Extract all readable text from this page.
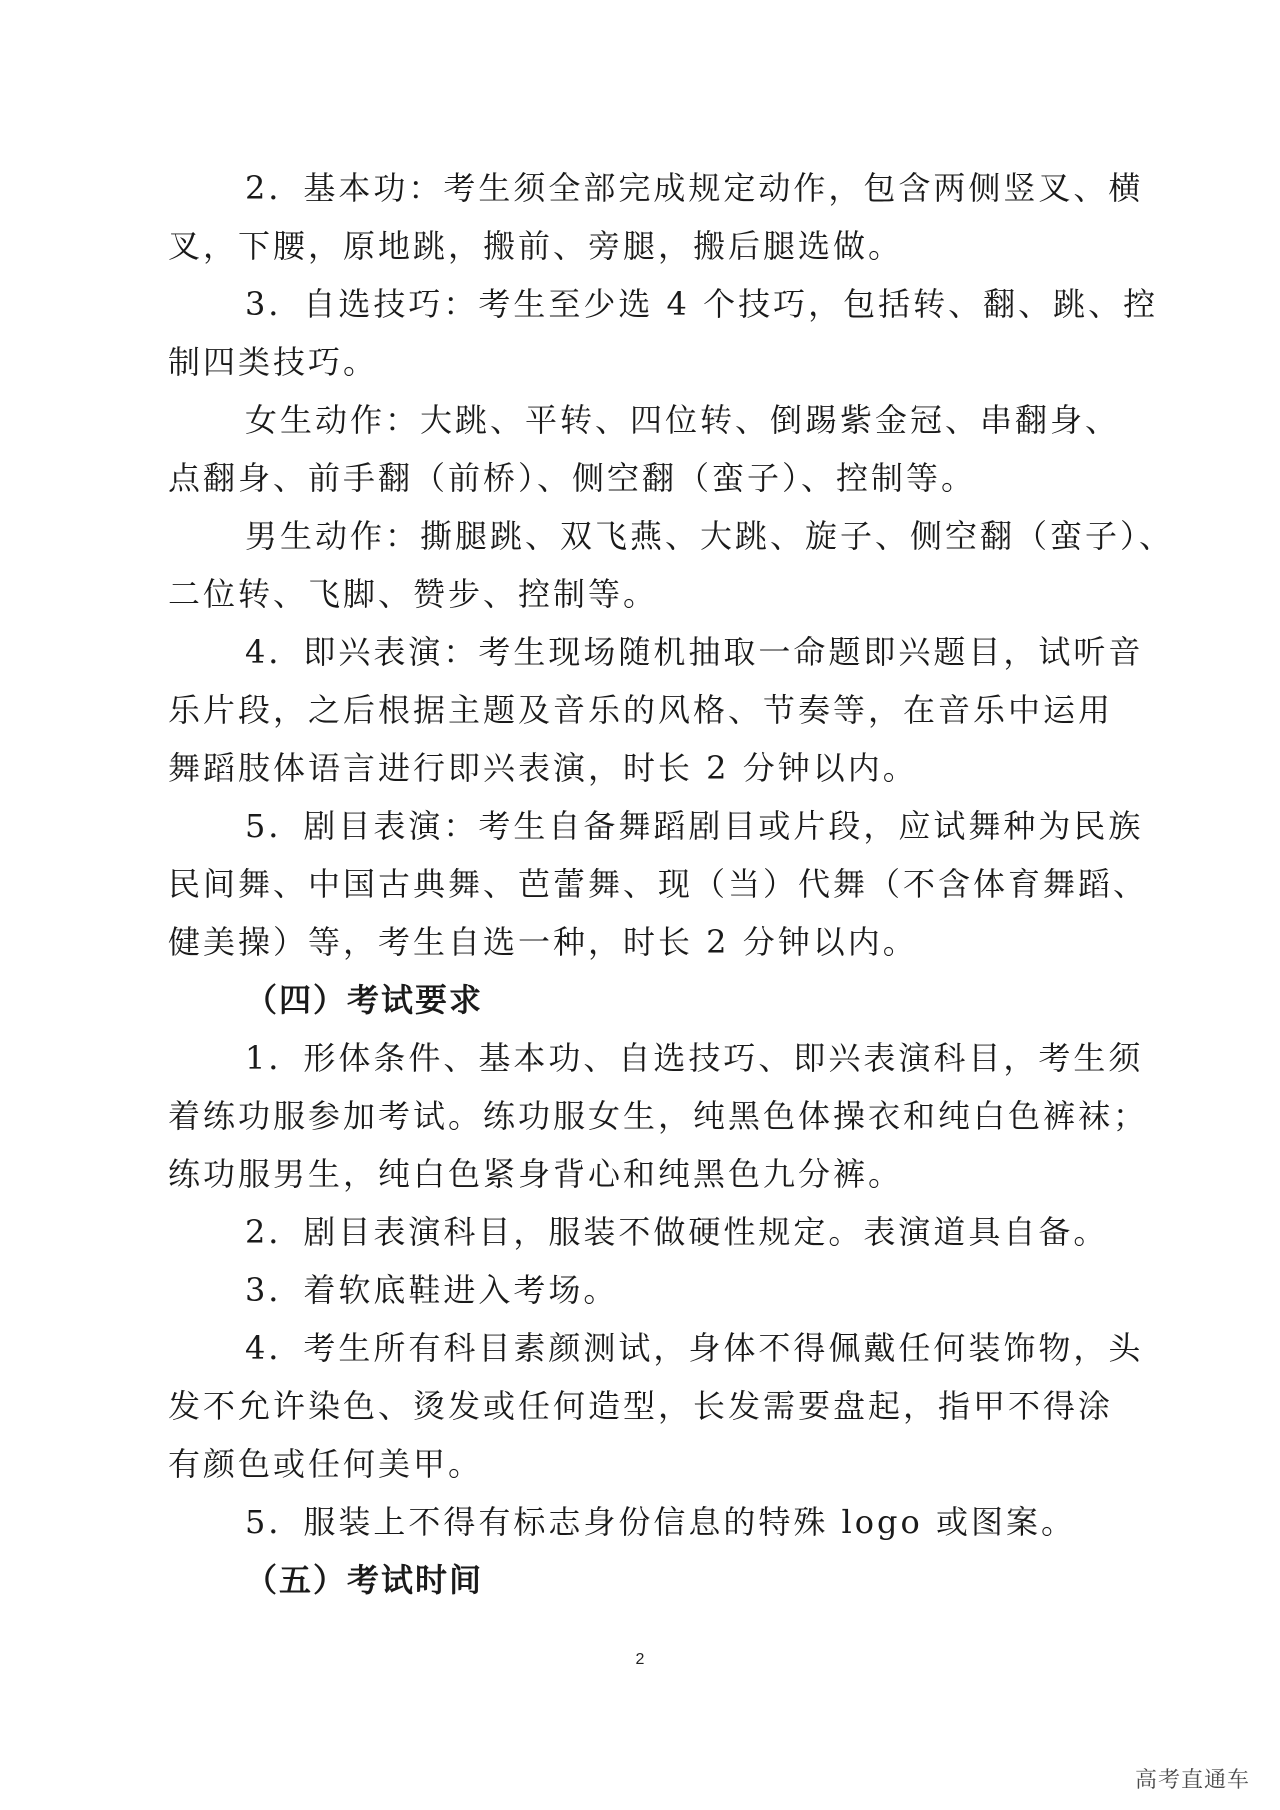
2．基本功：考生须全部完成规定动作，包含两侧竖叉、横
叉，下腰，原地跳，搬前、旁腿，搬后腿选做。
3．自选技巧：考生至少选 4 个技巧，包括转、翻、跳、控
制四类技巧。
女生动作：大跳、平转、四位转、倒踢紫金冠、串翻身、
点翻身、前手翻（前桥）、侧空翻（蛮子）、控制等。
男生动作：撕腿跳、双飞燕、大跳、旋子、侧空翻（蛮子）、
二位转、飞脚、赞步、控制等。
4．即兴表演：考生现场随机抽取一命题即兴题目，试听音
乐片段，之后根据主题及音乐的风格、节奏等，在音乐中运用
舞蹈肢体语言进行即兴表演，时长 2 分钟以内。
5．剧目表演：考生自备舞蹈剧目或片段，应试舞种为民族
民间舞、中国古典舞、芭蕾舞、现（当）代舞（不含体育舞蹈、
健美操）等，考生自选一种，时长 2 分钟以内。
（四）考试要求
1．形体条件、基本功、自选技巧、即兴表演科目，考生须
着练功服参加考试。练功服女生，纯黑色体操衣和纯白色裤袜；
练功服男生，纯白色紧身背心和纯黑色九分裤。
2．剧目表演科目，服装不做硬性规定。表演道具自备。
3．着软底鞋进入考场。
4．考生所有科目素颜测试，身体不得佩戴任何装饰物，头
发不允许染色、烫发或任何造型，长发需要盘起，指甲不得涂
有颜色或任何美甲。
5．服装上不得有标志身份信息的特殊 logo 或图案。
（五）考试时间
2
高考直通车
